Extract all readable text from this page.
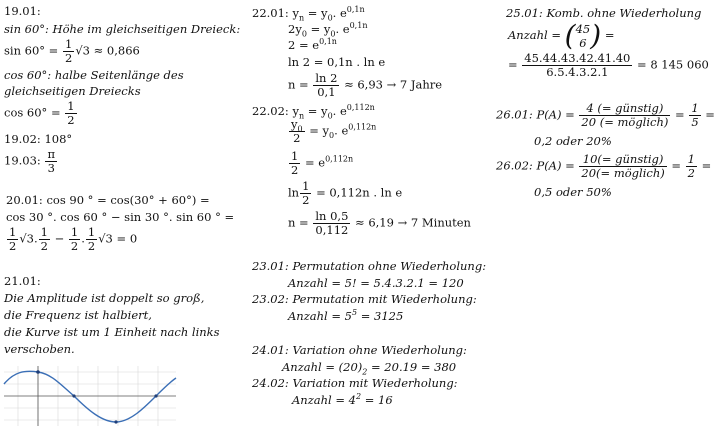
19.01:
sin 60°: Höhe im gleichseitigen Dreieck:
$\sin 60^\circ = \frac{1}{2} √3 \approx 0,866$
cos 60°: halbe Seitenlänge des
gleichseitigen Dreiecks
$\cos 60^\circ = \frac{1}{2}$
19.02: 108°
19.03: $\frac{\pi}{3}$
20.01: cos 90 ° = cos(30° + 60°) =
cos 30 °. cos 60 ° − sin 30 °. sin 60 ° =
$\frac{1}{2} √3$. $\frac{1}{2} - \frac{1}{2}$ . $\frac{1}{2} √3 = 0$
21.01:
Die Amplitude ist doppelt so groß,
die Frequenz ist halbiert,
die Kurve ist um 1 Einheit nach links
verschoben.
22.01: $y_n = y_0$. $e^{0,1n}$
$2y_0 = y_0$. $e^{0,1n}$
$2 = e^{0,1n}$
ln 2 = 0,1n . ln e
$n = \frac{\ln 2}{0,1} \approx 6,93 \to 7$ Jahre
22.02: $y_n = y_0$. $e^{0,112n}$
$\frac{y_0}{2} = y_0$. $e^{0,112n}$
$\frac{1}{2} = e^{0,112n}$
$\ln \frac{1}{2} = 0,112n$ . ln e
$n = \frac{\ln 0,5}{0,112} \approx 6,19 \to 7$ Minuten
23.01: Permutation ohne Wiederholung:
Anzahl = 5! = 5.4.3.2.1 = 120
23.02: Permutation mit Wiederholung:
Anzahl = $5^5 = 3125$
24.01: Variation ohne Wiederholung:
Anzahl = $(20)_2 = 20.19 = 380$
24.02: Variation mit Wiederholung:
Anzahl = $4^2 = 16$
25.01: Komb. ohne Wiederholung
Anzahl = ( 45
6 ) =
= $\frac{45.44.43.42.41.40}{6.5.4.3.2.1} = 8$ 145 060
26.01: $P(A) = \frac{\text{4 (= günstig)}}{\text{20 (= möglich)}} = \frac{1}{5}$ =
0,2 oder 20%
26.02: $P(A) = \frac{\text{10(= günstig)}}{\text{20(= möglich)}} = \frac{1}{2}$ =
0,5 oder 50%
